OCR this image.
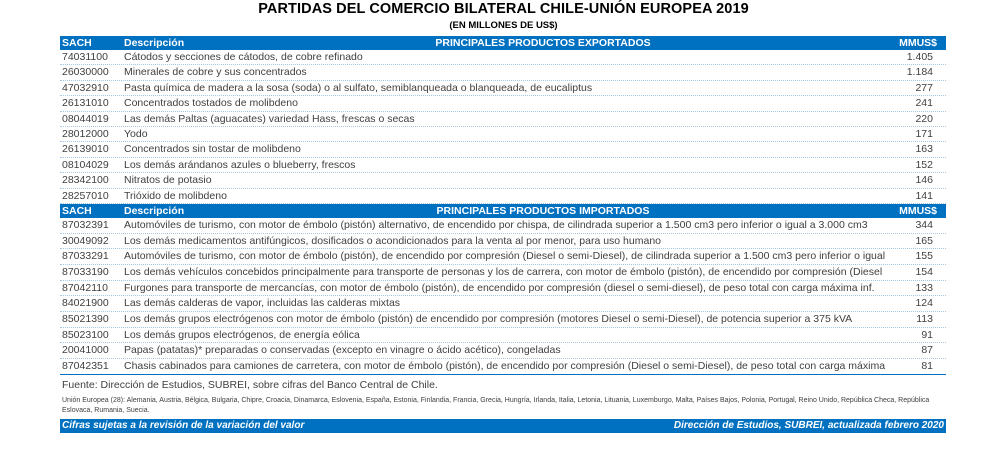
PARTIDAS DEL COMERCIO BILATERAL CHILE-UNIÓN EUROPEA 2019
(EN MILLONES DE US$)
PRINCIPALES PRODUCTOS EXPORTADOS
SACH	Descripción	MMUS$
74031100 Cátodos y secciones de cátodos, de cobre refinado	1.405
26030000 Minerales de cobre y sus concentrados	1.184
47032910 Pasta química de madera a la sosa (soda) o al sulfato, semiblanqueada o blanqueada, de eucaliptus	277
26131010 Concentrados tostados de molibdeno	241
08044019 Las demás Paltas (aguacates) variedad Hass, frescas o secas	220
28012000 Yodo	171
26139010 Concentrados sin tostar de molibdeno	163
08104029 Los demás arándanos azules o blueberry, frescos	152
28342100 Nitratos de potasio	146
28257010 Trióxido de molibdeno	141
PRINCIPALES PRODUCTOS IMPORTADOS
SACH	Descripción	MMUS$
87032391 Automóviles de turismo, con motor de émbolo (pistón) alternativo, de encendido por chispa, de cilindrada superior a 1.500 cm3 pero inferior o igual a 3.000 cm3	344
30049092 Los demás medicamentos antifúngicos, dosificados o acondicionados para la venta al por menor, para uso humano	165
87033291 Automóviles de turismo, con motor de émbolo (pistón), de encendido por compresión (Diesel o semi-Diesel), de cilindrada superior a 1.500 cm3 pero inferior o igual	155
87033190 Los demás vehículos concebidos principalmente para transporte de personas y los de carrera, con motor de émbolo (pistón), de encendido por compresión (Diesel	154
87042110 Furgones para transporte de mercancías, con motor de émbolo (pistón), de encendido por compresión (diesel o semi-diesel), de peso total con carga máxima inf.	133
84021900 Las demás calderas de vapor, incluidas las calderas mixtas	124
85021390 Los demás grupos electrógenos con motor de émbolo (pistón) de encendido por compresión (motores Diesel o semi-Diesel), de potencia superior a 375 kVA	113
85023100 Los demás grupos electrógenos, de energía eólica	91
20041000 Papas (patatas)* preparadas o conservadas (excepto en vinagre o ácido acético), congeladas	87
87042351 Chasis cabinados para camiones de carretera, con motor de émbolo (pistón), de encendido por compresión (Diesel o semi-Diesel), de peso total con carga máxima	81
Fuente: Dirección de Estudios, SUBREI, sobre cifras del Banco Central de Chile.
Unión Europea (28): Alemania, Austria, Bélgica, Bulgaria, Chipre, Croacia, Dinamarca, Eslovenia, España, Estonia, Finlandia, Francia, Grecia, Hungría, Irlanda, Italia, Letonia, Lituania, Luxemburgo, Malta, Países Bajos, Polonia, Portugal, Reino Unido, República Checa, República Eslovaca, Rumania, Suecia.
Cifras sujetas a la revisión de la variación del valor	Dirección de Estudios, SUBREI, actualizada febrero 2020
